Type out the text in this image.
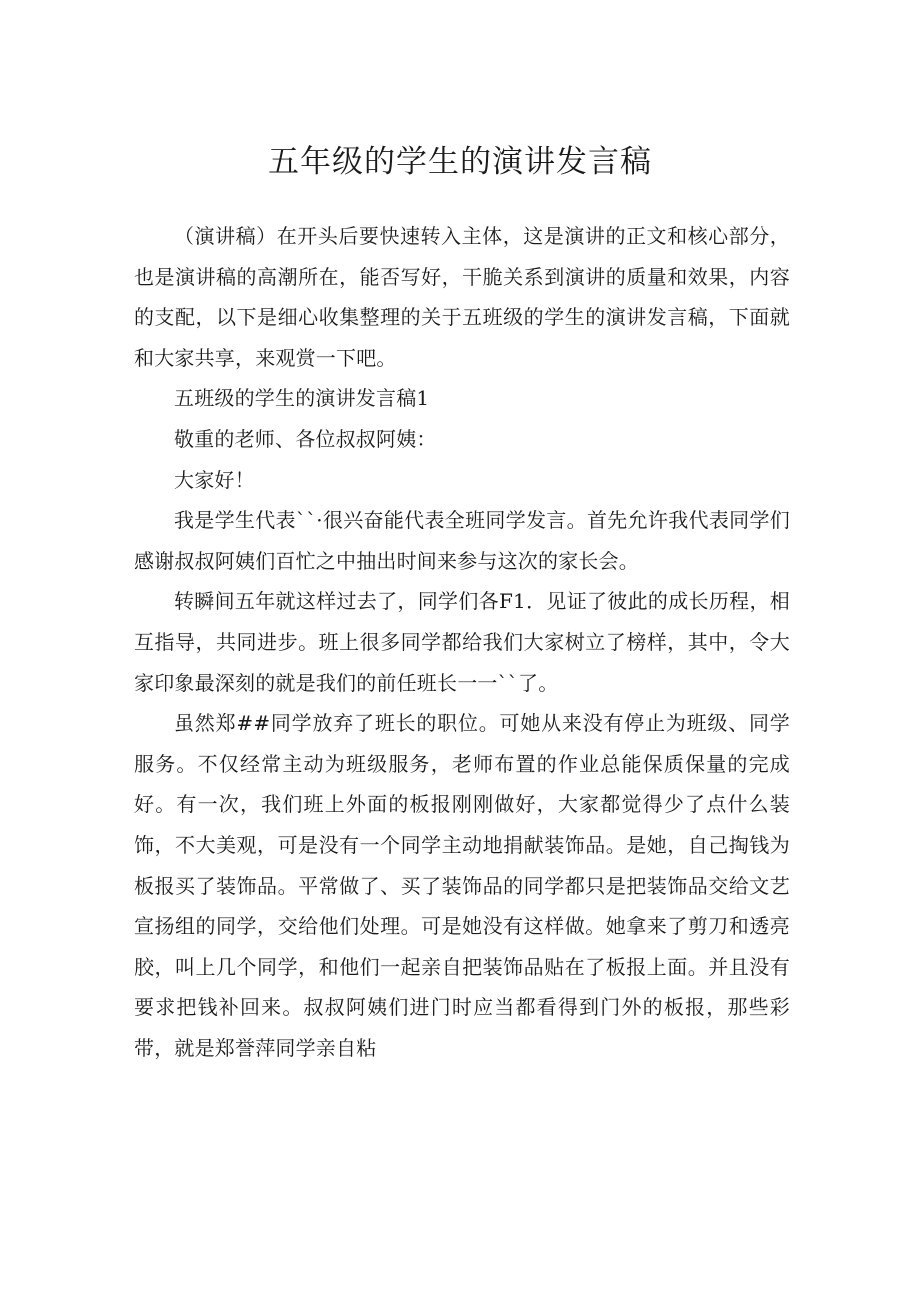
五年级的学生的演讲发言稿

（演讲稿）在开头后要快速转入主体，这是演讲的正文和核心部分，也是演讲稿的高潮所在，能否写好，干脆关系到演讲的质量和效果，内容的支配，以下是细心收集整理的关于五班级的学生的演讲发言稿，下面就和大家共享，来观赏一下吧。

五班级的学生的演讲发言稿1

敬重的老师、各位叔叔阿姨：

大家好！

我是学生代表``·很兴奋能代表全班同学发言。首先允许我代表同学们感谢叔叔阿姨们百忙之中抽出时间来参与这次的家长会。

转瞬间五年就这样过去了，同学们各F1．见证了彼此的成长历程，相互指导，共同进步。班上很多同学都给我们大家树立了榜样，其中，令大家印象最深刻的就是我们的前任班长一一``了。

虽然郑##同学放弃了班长的职位。可她从来没有停止为班级、同学服务。不仅经常主动为班级服务，老师布置的作业总能保质保量的完成好。有一次，我们班上外面的板报刚刚做好，大家都觉得少了点什么装饰，不大美观，可是没有一个同学主动地捐献装饰品。是她，自己掏钱为板报买了装饰品。平常做了、买了装饰品的同学都只是把装饰品交给文艺宣扬组的同学，交给他们处理。可是她没有这样做。她拿来了剪刀和透亮胶，叫上几个同学，和他们一起亲自把装饰品贴在了板报上面。并且没有要求把钱补回来。叔叔阿姨们进门时应当都看得到门外的板报，那些彩带，就是郑誉萍同学亲自粘
